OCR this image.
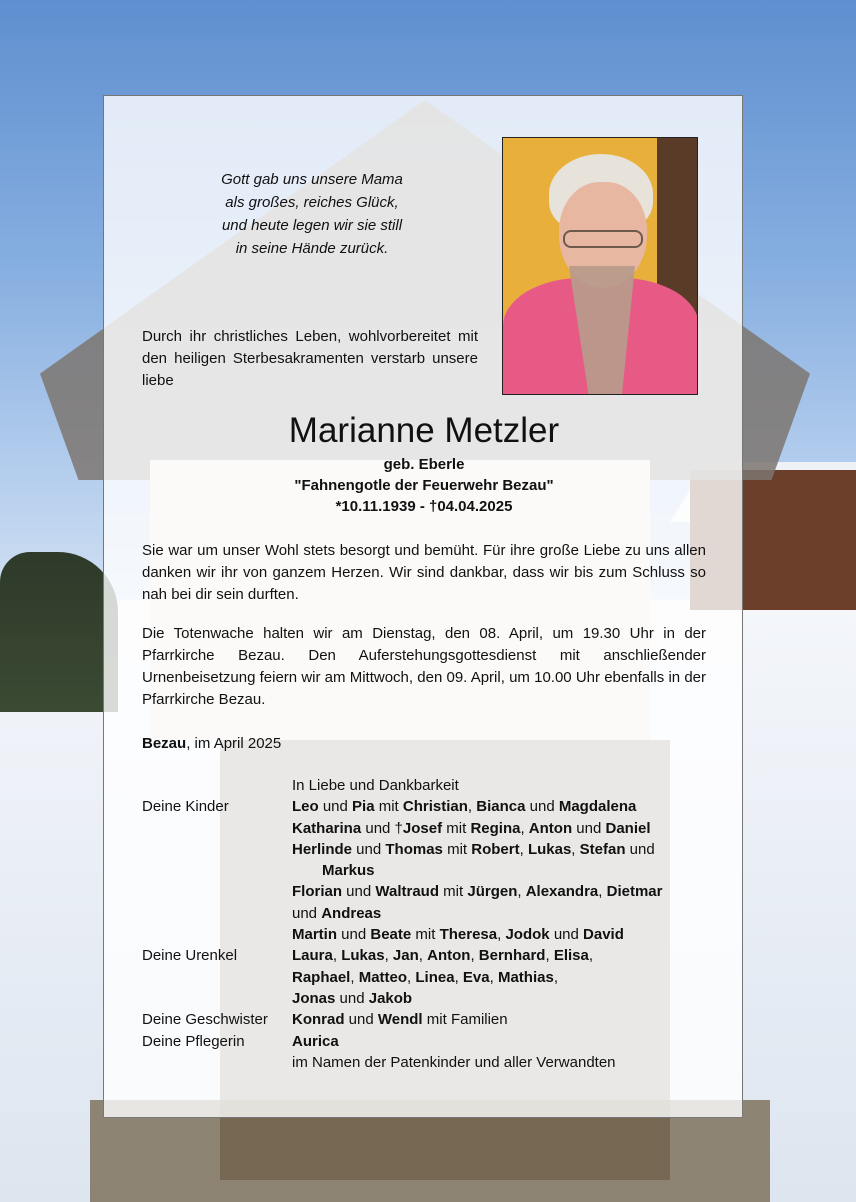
Gott gab uns unsere Mama
als großes, reiches Glück,
und heute legen wir sie still
in seine Hände zurück.

Durch ihr christliches Leben, wohlvorbereitet mit den heiligen Sterbesakramenten verstarb unsere liebe

Marianne Metzler
geb. Eberle
"Fahnengotle der Feuerwehr Bezau"
*10.11.1939 - †04.04.2025

Sie war um unser Wohl stets besorgt und bemüht. Für ihre große Liebe zu uns allen danken wir ihr von ganzem Herzen. Wir sind dankbar, dass wir bis zum Schluss so nah bei dir sein durften.

Die Totenwache halten wir am Dienstag, den 08. April, um 19.30 Uhr in der Pfarrkirche Bezau. Den Auferstehungsgottesdienst mit anschließender Urnenbeisetzung feiern wir am Mittwoch, den 09. April, um 10.00 Uhr ebenfalls in der Pfarrkirche Bezau.

Bezau, im April 2025
In Liebe und Dankbarkeit
Deine Kinder	Leo und Pia mit Christian, Bianca und Magdalena
Katharina und †Josef mit Regina, Anton und Daniel
Herlinde und Thomas mit Robert, Lukas, Stefan und
Markus
Florian und Waltraud mit Jürgen, Alexandra, Dietmar
und Andreas
Martin und Beate mit Theresa, Jodok und David
Deine Urenkel	Laura, Lukas, Jan, Anton, Bernhard, Elisa,
Raphael, Matteo, Linea, Eva, Mathias,
Jonas und Jakob
Deine Geschwister	Konrad und Wendl mit Familien
Deine Pflegerin	Aurica
im Namen der Patenkinder und aller Verwandten
